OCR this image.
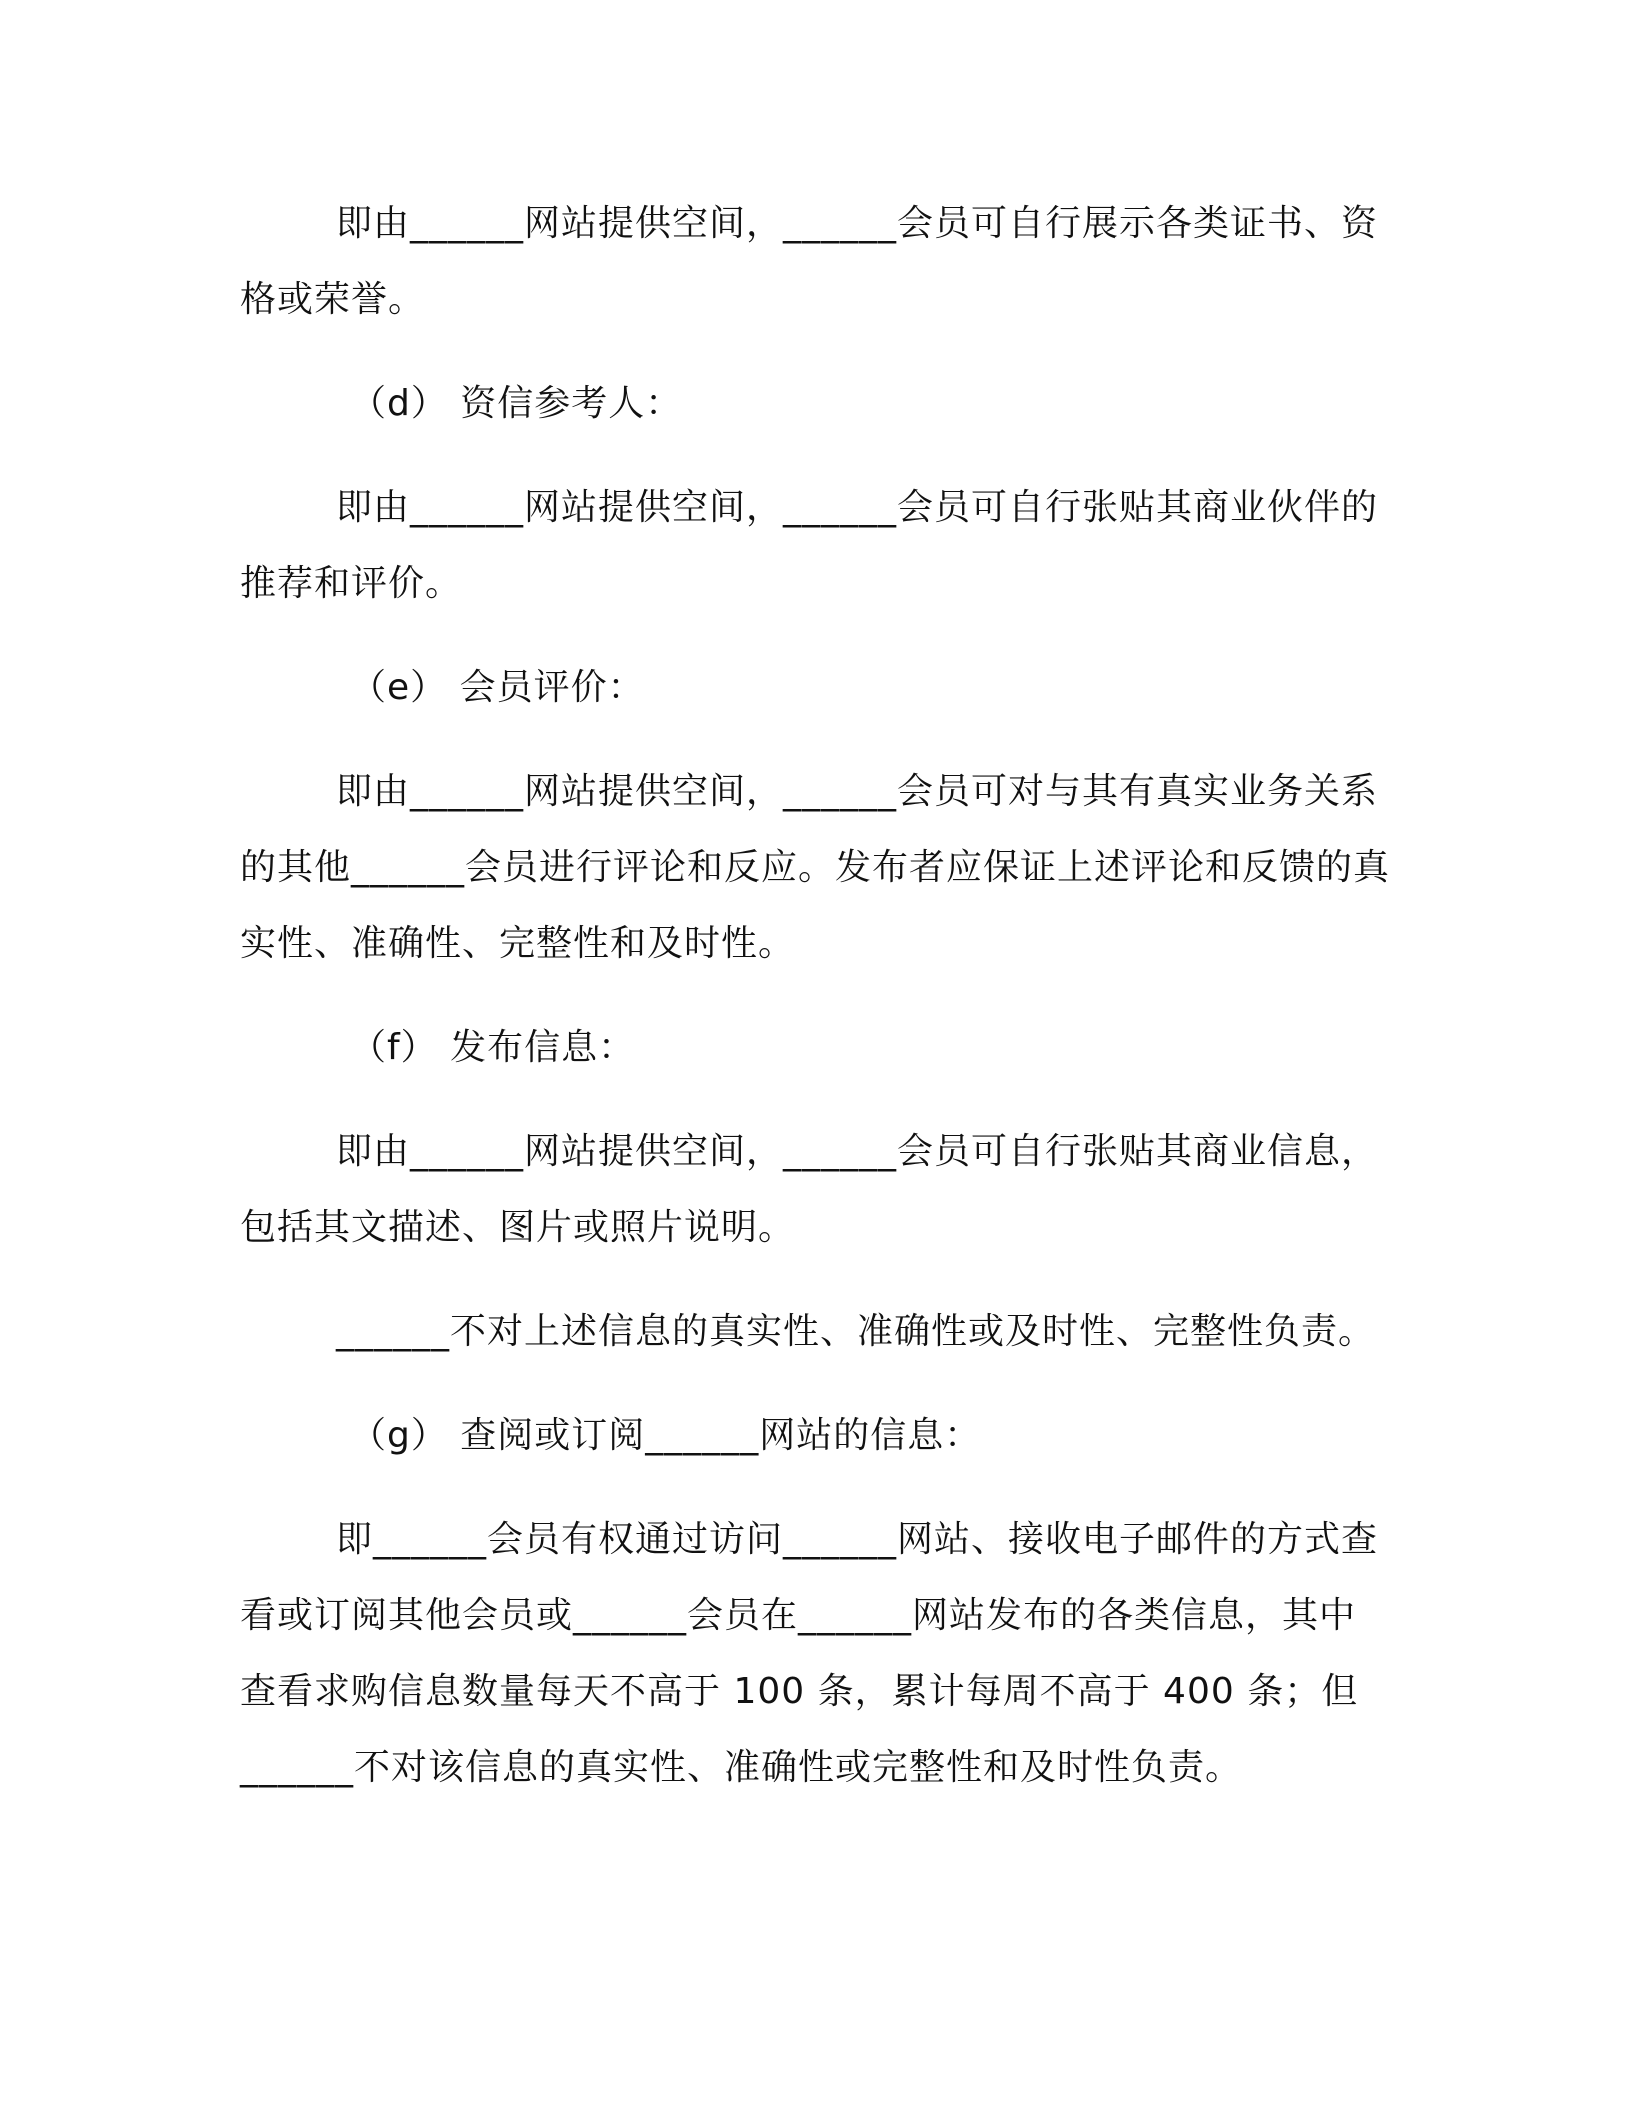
即由______网站提供空间，______会员可自行展示各类证书、资格或荣誉。

（d） 资信参考人：

即由______网站提供空间，______会员可自行张贴其商业伙伴的推荐和评价。

（e） 会员评价：

即由______网站提供空间，______会员可对与其有真实业务关系的其他______会员进行评论和反应。发布者应保证上述评论和反馈的真实性、准确性、完整性和及时性。

（f） 发布信息：

即由______网站提供空间，______会员可自行张贴其商业信息，包括其文描述、图片或照片说明。

______不对上述信息的真实性、准确性或及时性、完整性负责。

（g） 查阅或订阅______网站的信息：

即______会员有权通过访问______网站、接收电子邮件的方式查看或订阅其他会员或______会员在______网站发布的各类信息，其中查看求购信息数量每天不高于 100 条，累计每周不高于 400 条；但______不对该信息的真实性、准确性或完整性和及时性负责。
